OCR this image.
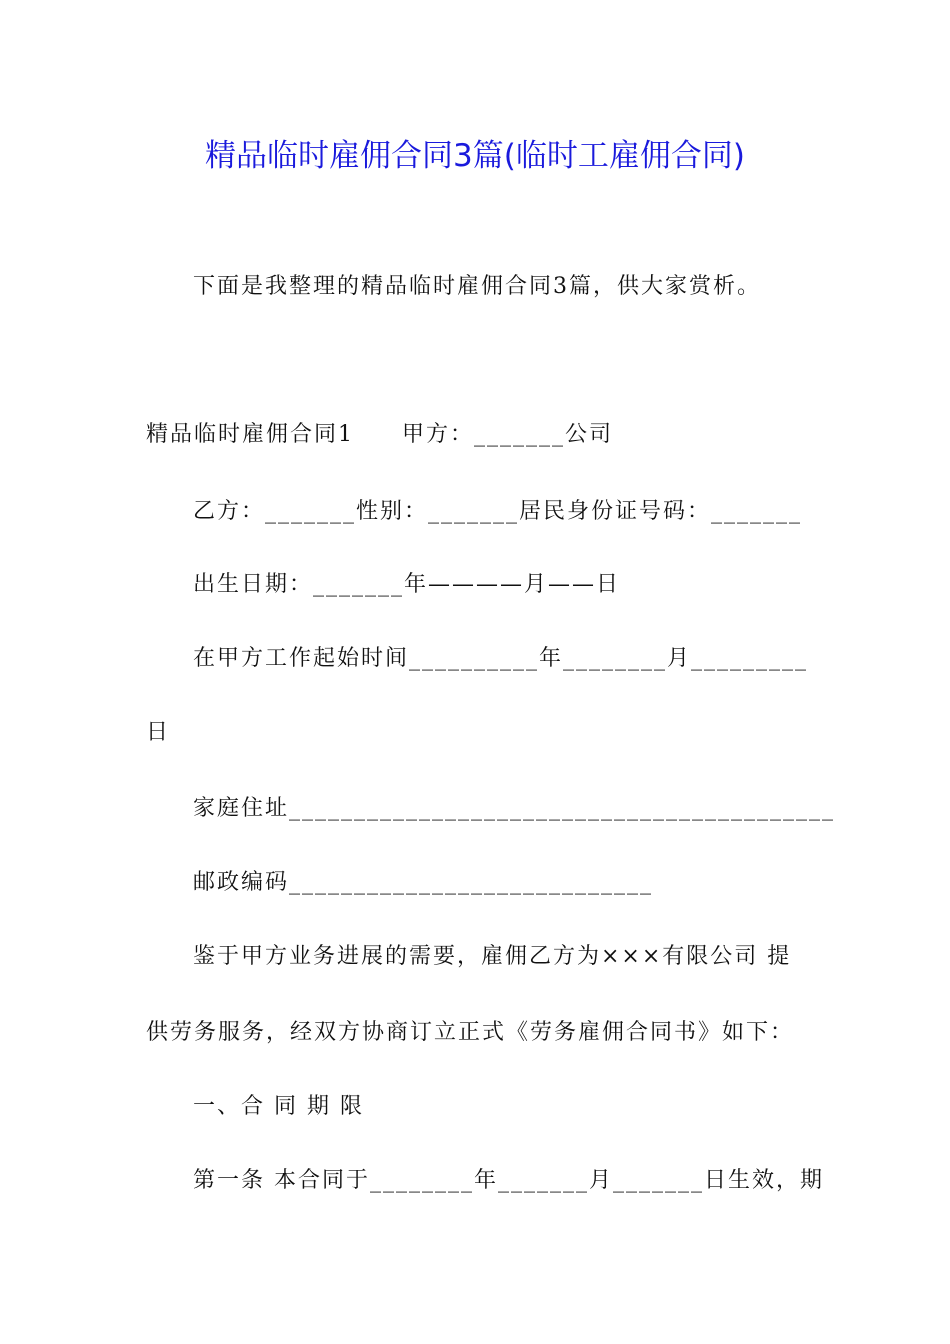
精品临时雇佣合同3篇(临时工雇佣合同)
下面是我整理的精品临时雇佣合同3篇，供大家赏析。
精品临时雇佣合同1　　甲方：_______公司
乙方：_______性别：_______居民身份证号码：_______
出生日期：_______年————月——日
在甲方工作起始时间__________年________月_________
日
家庭住址__________________________________________
邮政编码____________________________
鉴于甲方业务进展的需要，雇佣乙方为×××有限公司 提
供劳务服务，经双方协商订立正式《劳务雇佣合同书》如下：
一、合 同 期 限
第一条 本合同于________年_______月_______日生效，期
